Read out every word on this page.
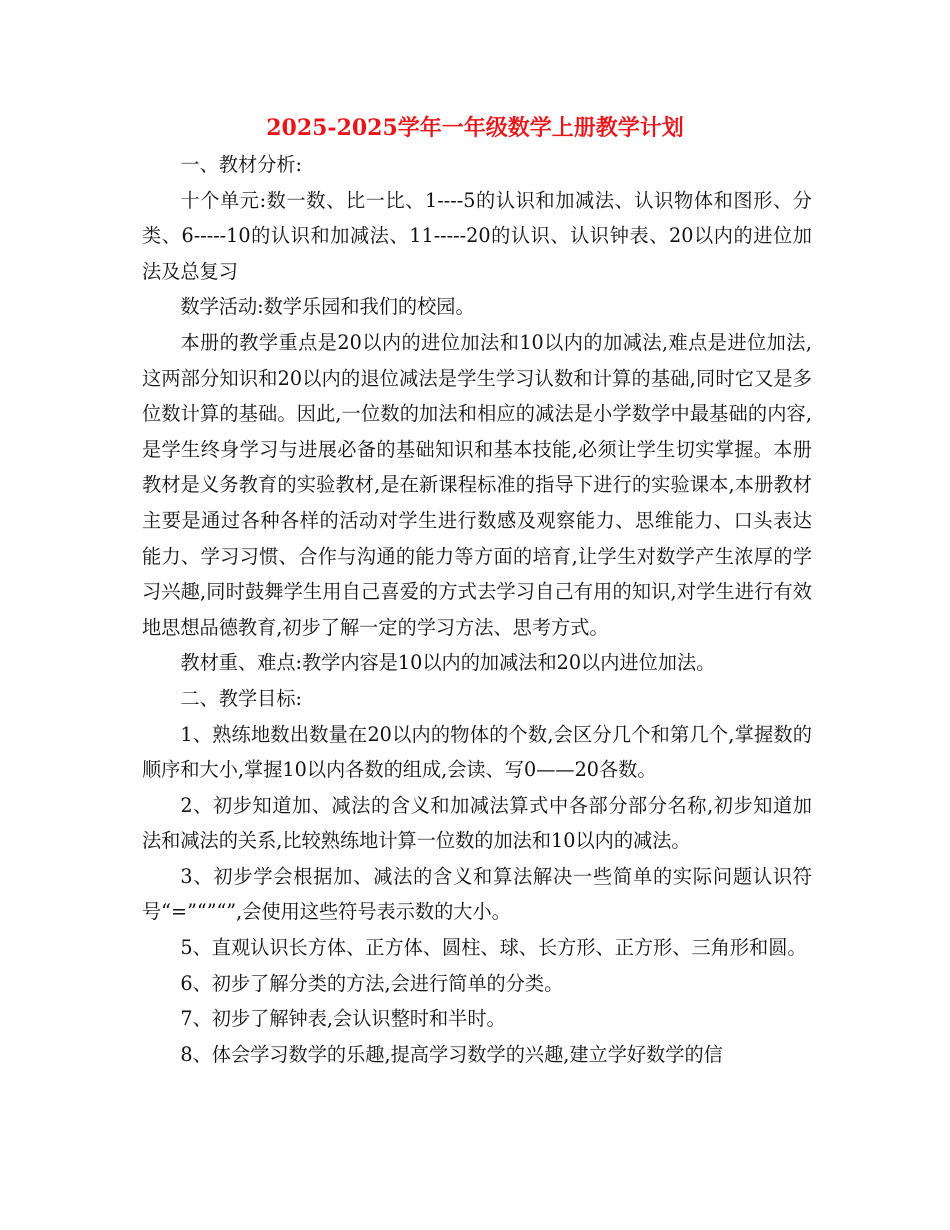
2025-2025学年一年级数学上册教学计划

一、教材分析:

十个单元:数一数、比一比、1----5的认识和加减法、认识物体和图形、分类、6-----10的认识和加减法、11-----20的认识、认识钟表、20以内的进位加法及总复习

数学活动:数学乐园和我们的校园。

本册的教学重点是20以内的进位加法和10以内的加减法,难点是进位加法,这两部分知识和20以内的退位减法是学生学习认数和计算的基础,同时它又是多位数计算的基础。因此,一位数的加法和相应的减法是小学数学中最基础的内容,是学生终身学习与进展必备的基础知识和基本技能,必须让学生切实掌握。本册教材是义务教育的实验教材,是在新课程标准的指导下进行的实验课本,本册教材主要是通过各种各样的活动对学生进行数感及观察能力、思维能力、口头表达能力、学习习惯、合作与沟通的能力等方面的培育,让学生对数学产生浓厚的学习兴趣,同时鼓舞学生用自己喜爱的方式去学习自己有用的知识,对学生进行有效地思想品德教育,初步了解一定的学习方法、思考方式。

教材重、难点:教学内容是10以内的加减法和20以内进位加法。

二、教学目标:

1、熟练地数出数量在20以内的物体的个数,会区分几个和第几个,掌握数的顺序和大小,掌握10以内各数的组成,会读、写0——20各数。

2、初步知道加、减法的含义和加减法算式中各部分部分名称,初步知道加法和减法的关系,比较熟练地计算一位数的加法和10以内的减法。

3、初步学会根据加、减法的含义和算法解决一些简单的实际问题认识符号“=”“”“”,会使用这些符号表示数的大小。

5、直观认识长方体、正方体、圆柱、球、长方形、正方形、三角形和圆。

6、初步了解分类的方法,会进行简单的分类。

7、初步了解钟表,会认识整时和半时。

8、体会学习数学的乐趣,提高学习数学的兴趣,建立学好数学的信
